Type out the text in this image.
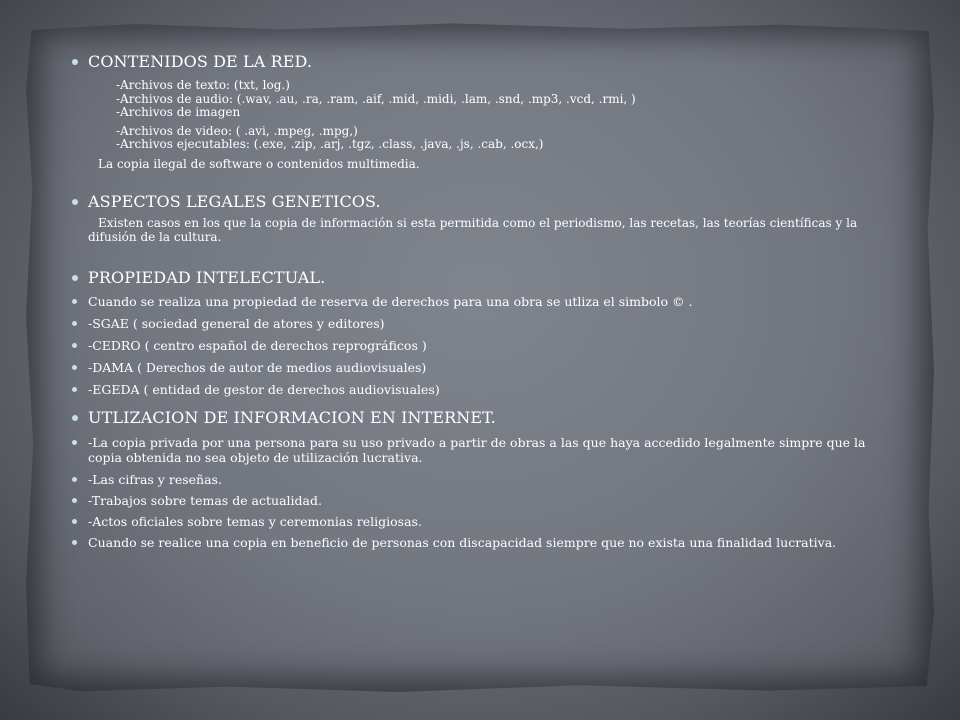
CONTENIDOS DE LA RED.

-Archivos de texto: (txt, log.)

-Archivos de audio: (.wav, .au, .ra, .ram, .aif, .mid, .midi, .lam, .snd, .mp3, .vcd, .rmi, )

-Archivos de imagen

-Archivos de video: ( .avi, .mpeg, .mpg,)

-Archivos ejecutables: (.exe, .zip, .arj, .tgz, .class, .java, .js, .cab, .ocx,)

La copia ilegal de software o contenidos multimedia.

ASPECTOS LEGALES GENETICOS.

Existen casos en los que la copia de información si esta permitida como el periodismo, las recetas, las teorías científicas y la difusión de la cultura.

PROPIEDAD INTELECTUAL.

Cuando se realiza una propiedad de reserva de derechos para una obra se utliza el simbolo © .

-SGAE ( sociedad general de atores y editores)

-CEDRO ( centro español de derechos reprográficos )

-DAMA ( Derechos de autor de medios audiovisuales)

-EGEDA ( entidad de gestor de derechos audiovisuales)

UTLIZACION DE INFORMACION EN INTERNET.

-La copia privada por una persona para su uso privado a partir de obras a las que haya accedido legalmente simpre que la copia obtenida no sea objeto de utilización lucrativa.

-Las cifras y reseñas.

-Trabajos sobre temas de actualidad.

-Actos oficiales sobre temas y ceremonias religiosas.

Cuando se realice una copia en beneficio de personas con discapacidad siempre que no exista una finalidad lucrativa.
